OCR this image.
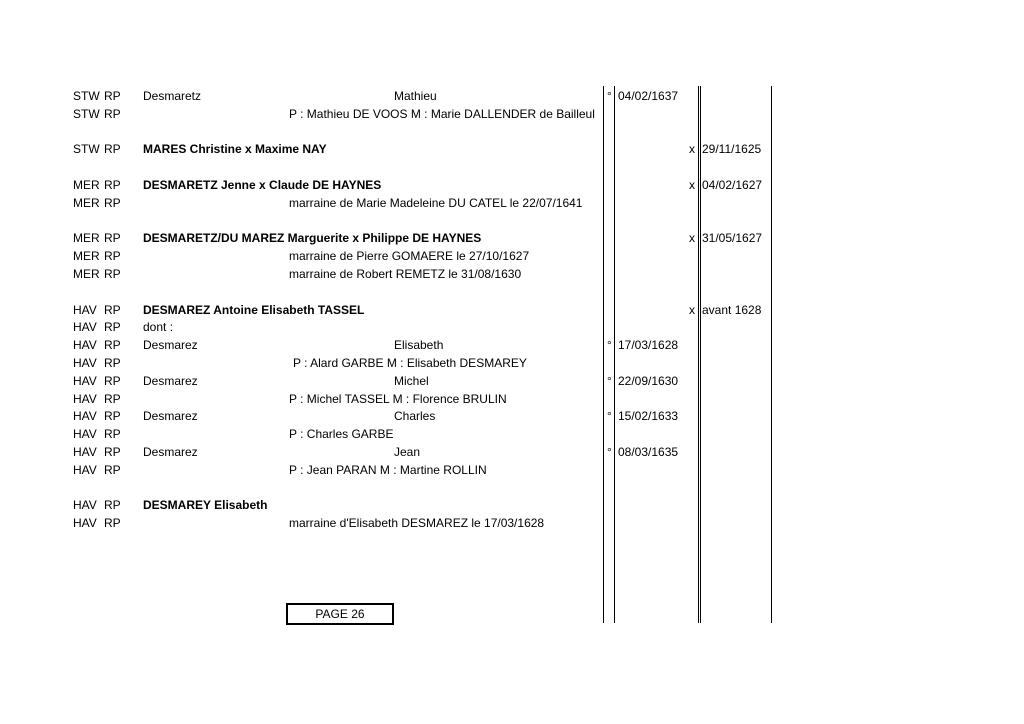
STW RP Desmaretz	Mathieu	° 04/02/1637
STW RP	P : Mathieu DE VOOS M : Marie DALLENDER de Bailleul
STW RP MARES Christine x Maxime NAY	x 29/11/1625
MER RP DESMARETZ Jenne x Claude DE HAYNES	x 04/02/1627
MER RP	marraine de Marie Madeleine DU CATEL le 22/07/1641
MER RP DESMARETZ/DU MAREZ Marguerite x Philippe DE HAYNES	x 31/05/1627
MER RP	marraine de Pierre GOMAERE le 27/10/1627
MER RP	marraine de Robert REMETZ le 31/08/1630
HAV RP DESMAREZ Antoine Elisabeth TASSEL	x avant 1628
HAV RP dont :
HAV RP Desmarez	Elisabeth	° 17/03/1628
HAV RP	P : Alard GARBE M : Elisabeth DESMAREY
HAV RP Desmarez	Michel	° 22/09/1630
HAV RP	P : Michel TASSEL M : Florence BRULIN
HAV RP Desmarez	Charles	° 15/02/1633
HAV RP	P : Charles GARBE
HAV RP Desmarez	Jean	° 08/03/1635
HAV RP	P : Jean PARAN M : Martine ROLLIN
HAV RP DESMAREY Elisabeth
HAV RP	marraine d'Elisabeth DESMAREZ le 17/03/1628
PAGE 26
